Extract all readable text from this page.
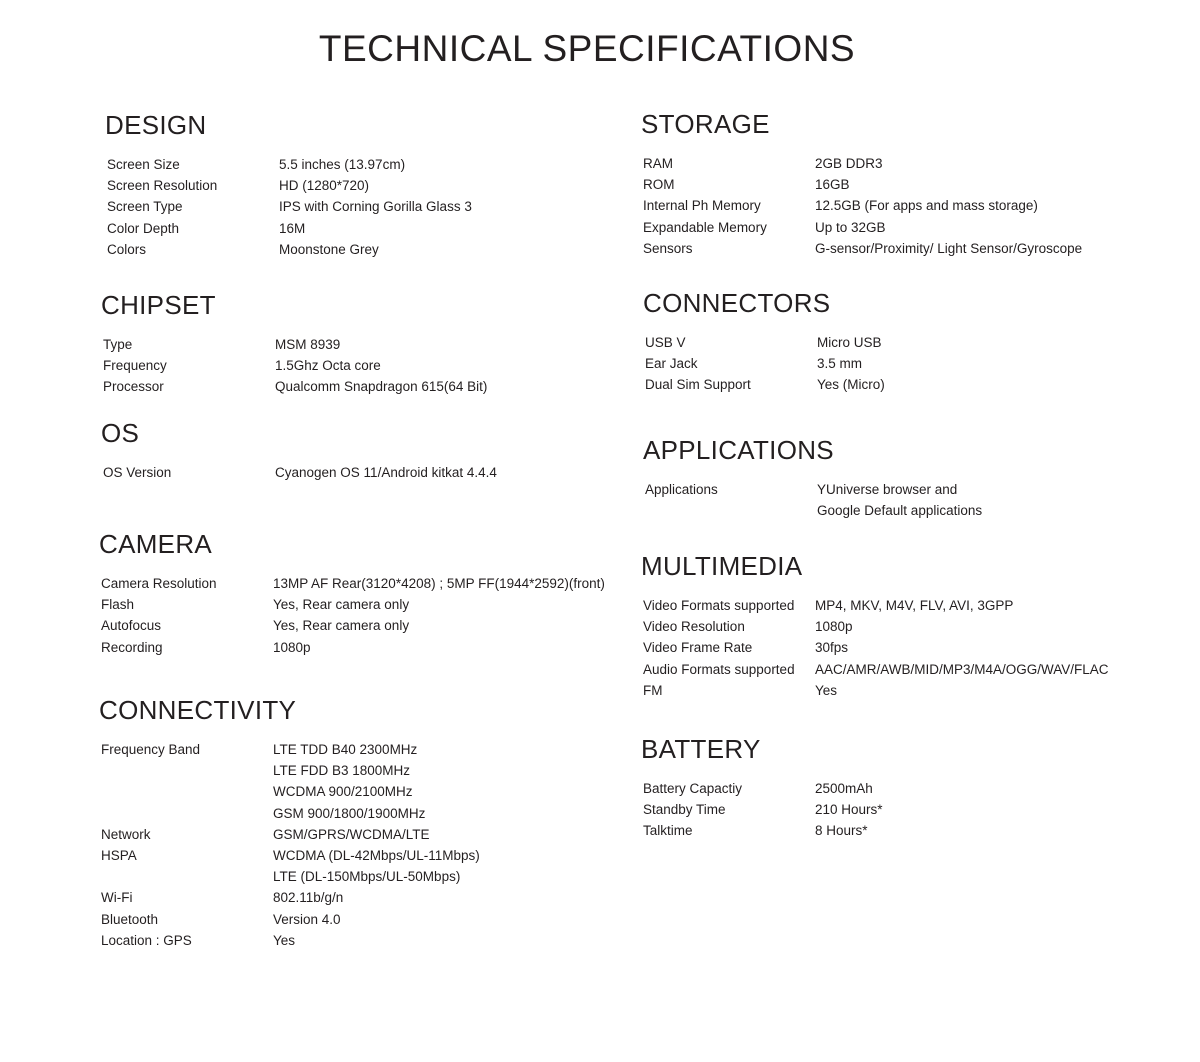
TECHNICAL SPECIFICATIONS
DESIGN
Screen Size	5.5 inches (13.97cm)
Screen Resolution	HD (1280*720)
Screen Type	IPS with Corning Gorilla Glass 3
Color Depth	16M
Colors	Moonstone Grey
CHIPSET
Type	MSM 8939
Frequency	1.5Ghz Octa core
Processor	Qualcomm Snapdragon 615(64 Bit)
OS
OS Version	Cyanogen OS 11/Android kitkat 4.4.4
CAMERA
Camera Resolution	13MP AF Rear(3120*4208) ; 5MP FF(1944*2592)(front)
Flash	Yes, Rear camera only
Autofocus	Yes, Rear camera only
Recording	1080p
CONNECTIVITY
Frequency Band	LTE TDD B40 2300MHz
LTE FDD B3 1800MHz
WCDMA 900/2100MHz
GSM 900/1800/1900MHz
Network	GSM/GPRS/WCDMA/LTE
HSPA	WCDMA (DL-42Mbps/UL-11Mbps)
LTE (DL-150Mbps/UL-50Mbps)
Wi-Fi	802.11b/g/n
Bluetooth	Version 4.0
Location : GPS	Yes
STORAGE
RAM	2GB DDR3
ROM	16GB
Internal Ph Memory	12.5GB (For apps and mass storage)
Expandable Memory	Up to 32GB
Sensors	G-sensor/Proximity/ Light Sensor/Gyroscope
CONNECTORS
USB V	Micro USB
Ear Jack	3.5 mm
Dual Sim Support	Yes (Micro)
APPLICATIONS
Applications	YUniverse browser and
Google Default applications
MULTIMEDIA
Video Formats supported	MP4, MKV, M4V, FLV, AVI, 3GPP
Video Resolution	1080p
Video Frame Rate	30fps
Audio Formats supported	AAC/AMR/AWB/MID/MP3/M4A/OGG/WAV/FLAC
FM	Yes
BATTERY
Battery Capactiy	2500mAh
Standby Time	210 Hours*
Talktime	8 Hours*
